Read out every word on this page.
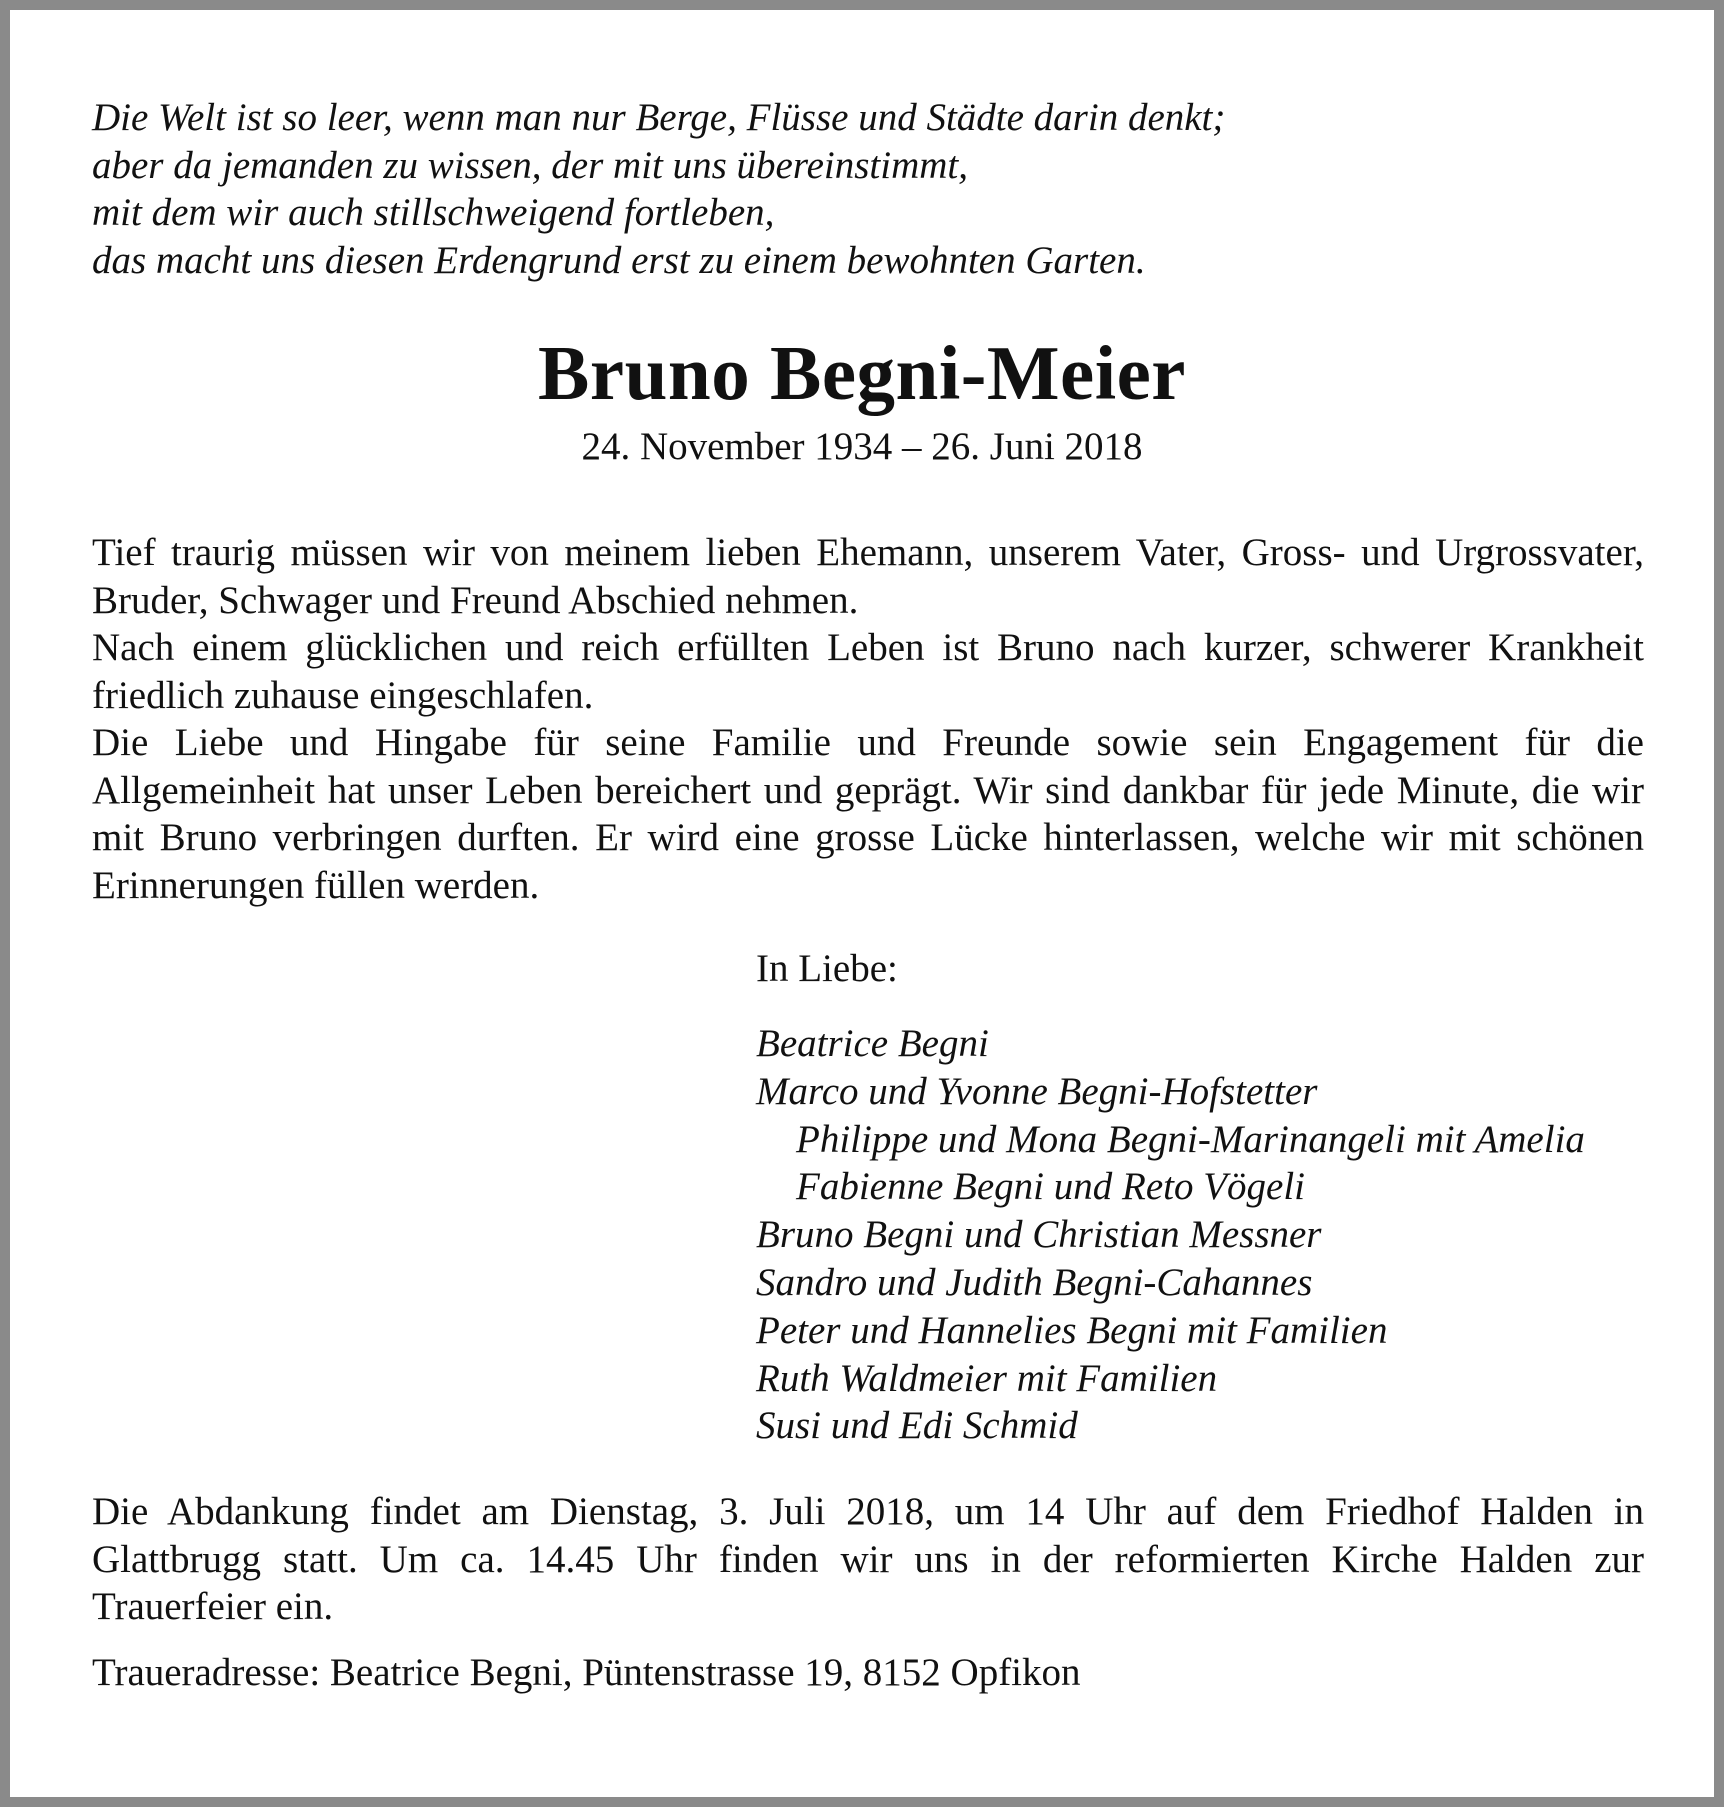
Die Welt ist so leer, wenn man nur Berge, Flüsse und Städte darin denkt;
aber da jemanden zu wissen, der mit uns übereinstimmt,
mit dem wir auch stillschweigend fortleben,
das macht uns diesen Erdengrund erst zu einem bewohnten Garten.
Bruno Begni-Meier
24. November 1934 – 26. Juni 2018

Tief traurig müssen wir von meinem lieben Ehemann, unserem Vater, Gross- und Urgrossvater, Bruder, Schwager und Freund Abschied nehmen.

Nach einem glücklichen und reich erfüllten Leben ist Bruno nach kurzer, schwerer Krankheit friedlich zuhause eingeschlafen.

Die Liebe und Hingabe für seine Familie und Freunde sowie sein Engagement für die Allgemeinheit hat unser Leben bereichert und geprägt. Wir sind dankbar für jede Minute, die wir mit Bruno verbringen durften. Er wird eine grosse Lücke hinterlassen, welche wir mit schönen Erinnerungen füllen werden.

In Liebe:
Beatrice Begni
Marco und Yvonne Begni-Hofstetter
Philippe und Mona Begni-Marinangeli mit Amelia
Fabienne Begni und Reto Vögeli
Bruno Begni und Christian Messner
Sandro und Judith Begni-Cahannes
Peter und Hannelies Begni mit Familien
Ruth Waldmeier mit Familien
Susi und Edi Schmid

Die Abdankung findet am Dienstag, 3. Juli 2018, um 14 Uhr auf dem Friedhof Halden in Glattbrugg statt. Um ca. 14.45 Uhr finden wir uns in der reformierten Kirche Halden zur Trauerfeier ein.

Traueradresse: Beatrice Begni, Püntenstrasse 19, 8152 Opfikon
